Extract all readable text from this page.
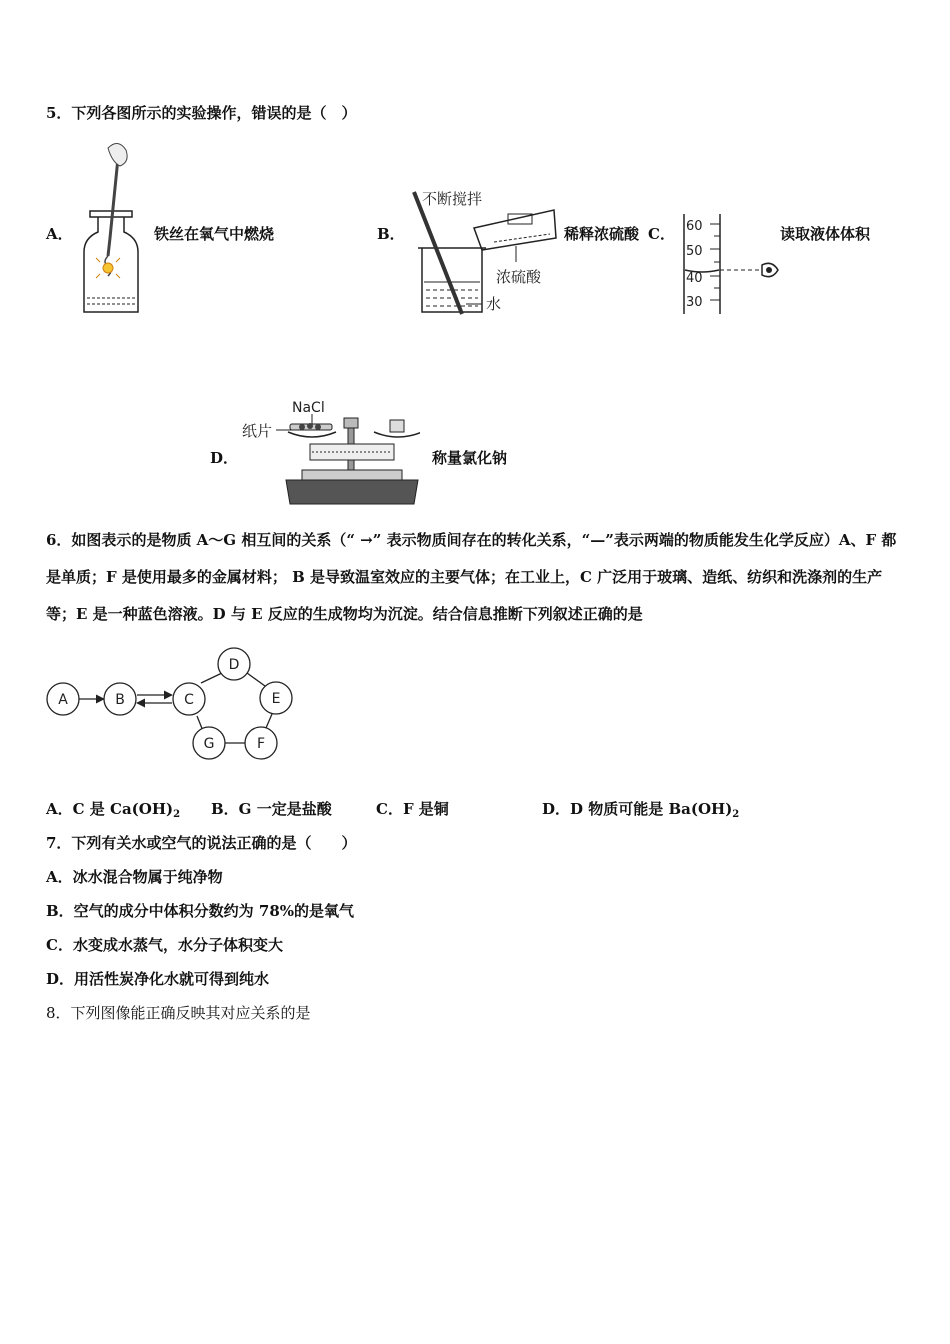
5．下列各图所示的实验操作，错误的是（　）
A．	铁丝在氧气中燃烧	B．
不断搅拌
浓硫酸
水
稀释浓硫酸 C． 60
50
40
30
读取液体体积
D．
NaCl
纸片
称量氯化钠
6．如图表示的是物质 A～G 相互间的关系（“ →” 表示物质间存在的转化关系，“—”表示两端的物质能发生化学反应）A、F 都是单质；F 是使用最多的金属材料； B 是导致温室效应的主要气体；在工业上，C 广泛用于玻璃、造纸、纺织和洗涤剂的生产等；E 是一种蓝色溶液。D 与 E 反应的生成物均为沉淀。结合信息推断下列叙述正确的是
A	B	C
D
E
F
G
A．C 是 $Ca(OH)_2$ B．G 一定是盐酸	C．F 是铜	D．D 物质可能是 $Ba(OH)_2$
7．下列有关水或空气的说法正确的是（　　）
A．冰水混合物属于纯净物
B．空气的成分中体积分数约为 78%的是氧气
C．水变成水蒸气，水分子体积变大
D．用活性炭净化水就可得到纯水
8．下列图像能正确反映其对应关系的是
